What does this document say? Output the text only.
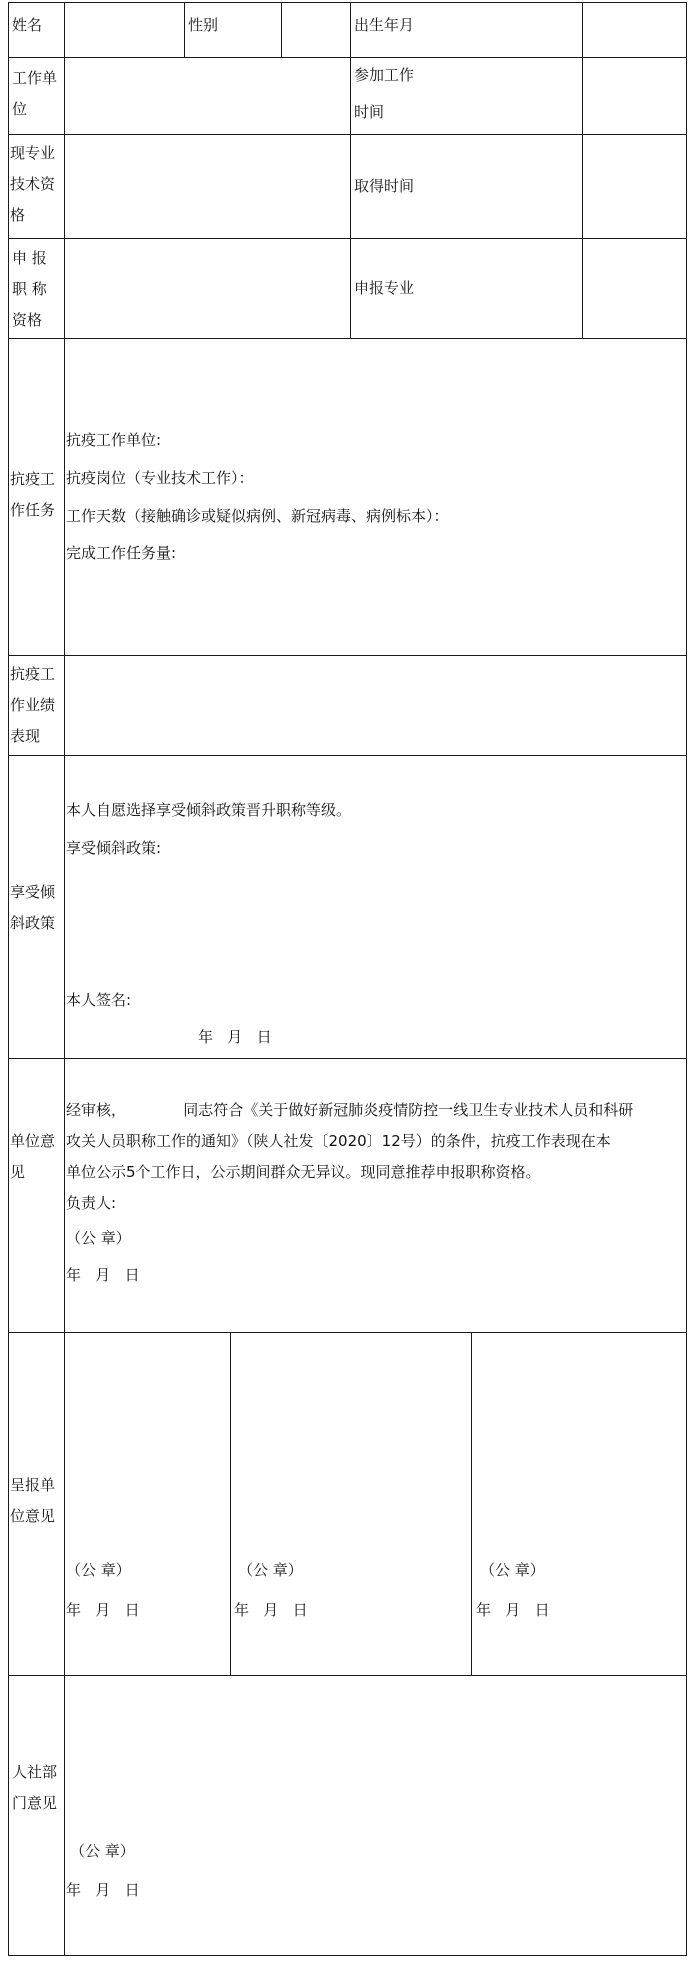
姓名	性别	出生年月
工作单位
参加工作
时间
现专业技术资格
取得时间
申 报 职 称 资格
申报专业
抗疫工作任务
抗疫工作单位:
抗疫岗位（专业技术工作）：
工作天数（接触确诊或疑似病例、新冠病毒、病例标本）：
完成工作任务量:
抗疫工作业绩表现
享受倾斜政策
本人自愿选择享受倾斜政策晋升职称等级。
享受倾斜政策:
本人签名:
年   月   日
单位意见
经审核，            同志符合《关于做好新冠肺炎疫情防控一线卫生专业技术人员和科研
攻关人员职称工作的通知》（陕人社发〔2020〕12号）的条件，抗疫工作表现在本
单位公示5个工作日，公示期间群众无异议。现同意推荐申报职称资格。
负责人:
（公 章）
年   月   日
呈报单位意见
（公 章）
年   月   日
（公 章）
年   月   日
（公 章）
年   月   日
人社部门意见
（公 章）
年   月   日
